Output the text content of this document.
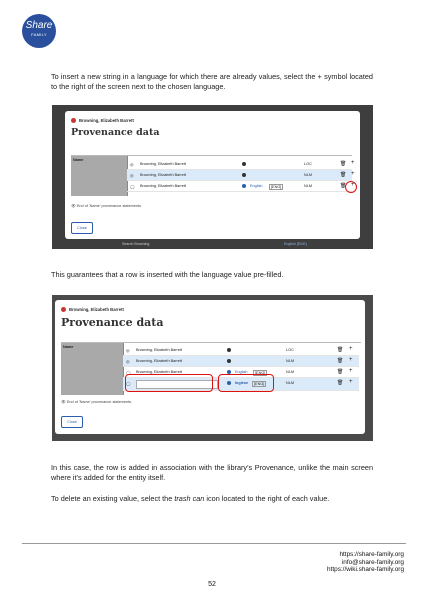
Share
FAMILY
To insert a new string in a language for which there are already values, select the + symbol located to the right of the screen next to the chosen language.
Browning, Elizabeth Barrett
Provenance data
Name
◎ Browning, Elizabeth Barrett	LOC	🗑 +
◎ Browning, Elizabeth Barrett	NLM	🗑 +
◯ Browning, Elizabeth Barrett	English	[ENG]	NLM	🗑 +
👁 End of 'Name' provenance statements
Close
Search Browning	English [ENG]
This guarantees that a row is inserted with the language value pre-filled.
Browning, Elizabeth Barrett
Provenance data
Name
◎ Browning, Elizabeth Barrett	LOC	🗑 +
◎ Browning, Elizabeth Barrett	NLM	🗑 +
◯ Browning, Elizabeth Barrett	English	[ENG]	NLM	🗑 +
◯	Inglese	[ENG]	NLM	🗑 +
👁 End of 'Name' provenance statements.
Close
In this case, the row is added in association with the library's Provenance, unlike the main screen where it's added for the entity itself.
To delete an existing value, select the trash can icon located to the right of each value.
https://share-family.org
info@share-family.org
https://wiki.share-family.org
52
